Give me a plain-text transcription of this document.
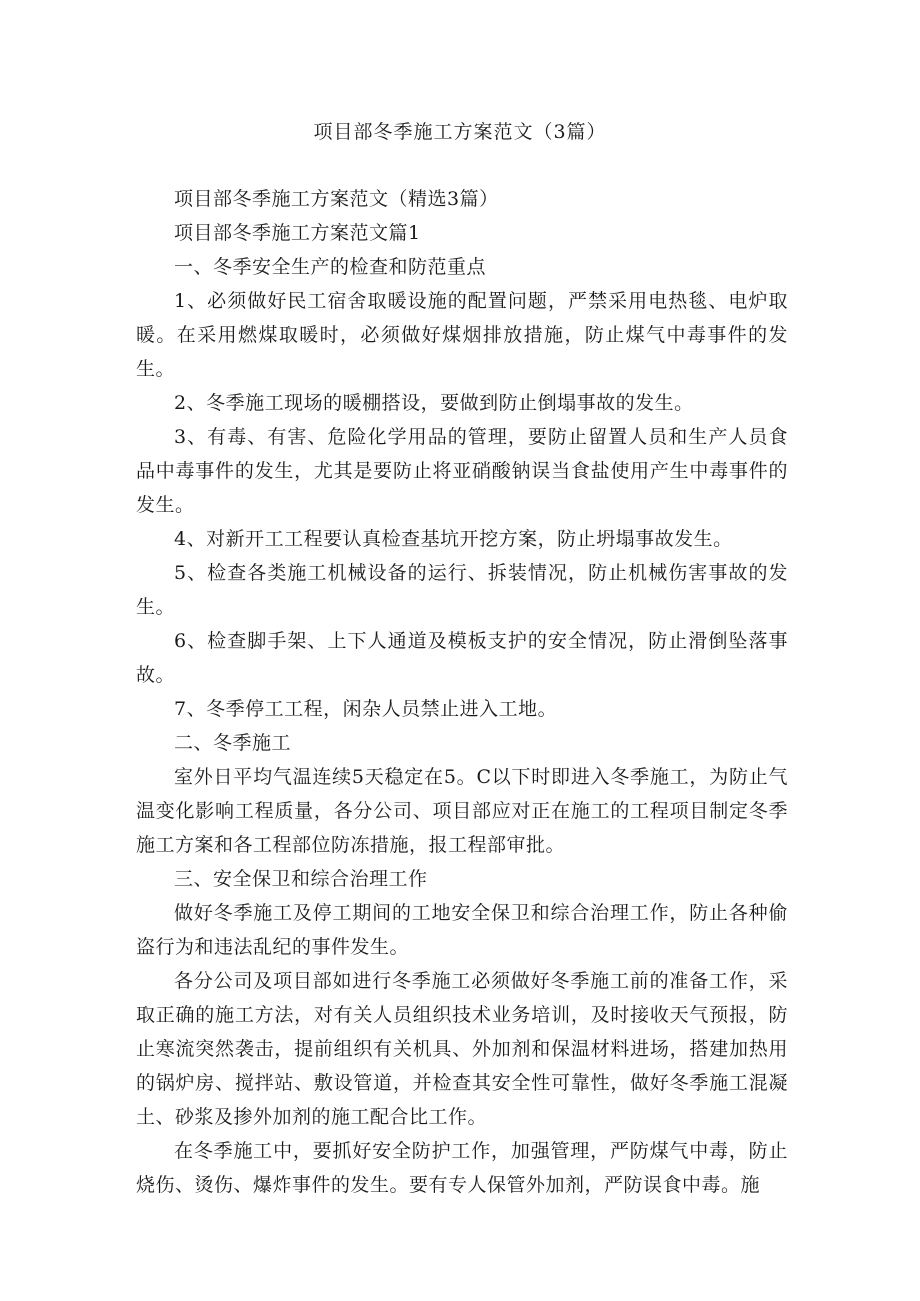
项目部冬季施工方案范文（3篇）

项目部冬季施工方案范文（精选3篇）

项目部冬季施工方案范文篇1

一、冬季安全生产的检查和防范重点

1、必须做好民工宿舍取暖设施的配置问题，严禁采用电热毯、电炉取暖。在采用燃煤取暖时，必须做好煤烟排放措施，防止煤气中毒事件的发生。

2、冬季施工现场的暖棚搭设，要做到防止倒塌事故的发生。

3、有毒、有害、危险化学用品的管理，要防止留置人员和生产人员食品中毒事件的发生，尤其是要防止将亚硝酸钠误当食盐使用产生中毒事件的发生。

4、对新开工工程要认真检查基坑开挖方案，防止坍塌事故发生。

5、检查各类施工机械设备的运行、拆装情况，防止机械伤害事故的发生。

6、检查脚手架、上下人通道及模板支护的安全情况，防止滑倒坠落事故。

7、冬季停工工程，闲杂人员禁止进入工地。

二、冬季施工

室外日平均气温连续5天稳定在5。C以下时即进入冬季施工，为防止气温变化影响工程质量，各分公司、项目部应对正在施工的工程项目制定冬季施工方案和各工程部位防冻措施，报工程部审批。

三、安全保卫和综合治理工作

做好冬季施工及停工期间的工地安全保卫和综合治理工作，防止各种偷盗行为和违法乱纪的事件发生。

各分公司及项目部如进行冬季施工必须做好冬季施工前的准备工作，采取正确的施工方法，对有关人员组织技术业务培训，及时接收天气预报，防止寒流突然袭击，提前组织有关机具、外加剂和保温材料进场，搭建加热用的锅炉房、搅拌站、敷设管道，并检查其安全性可靠性，做好冬季施工混凝土、砂浆及掺外加剂的施工配合比工作。

在冬季施工中，要抓好安全防护工作，加强管理，严防煤气中毒，防止烧伤、烫伤、爆炸事件的发生。要有专人保管外加剂，严防误食中毒。施
